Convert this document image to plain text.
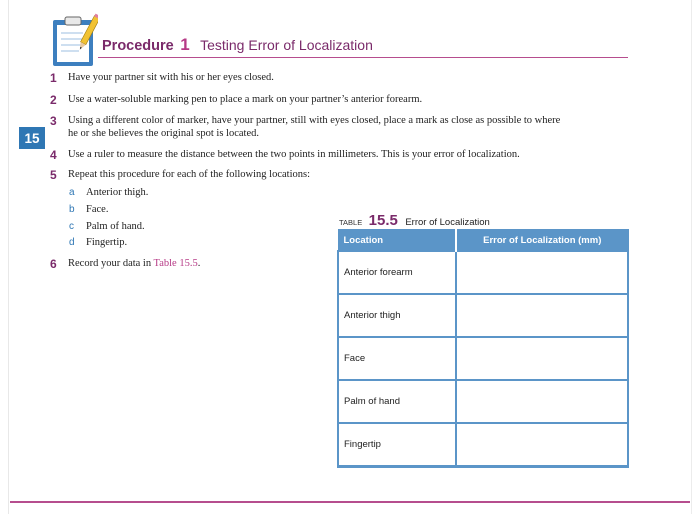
Procedure 1 Testing Error of Localization
15
1 Have your partner sit with his or her eyes closed.
2 Use a water-soluble marking pen to place a mark on your partner’s anterior forearm.
3 Using a different color of marker, have your partner, still with eyes closed, place a mark as close as possible to where
he or she believes the original spot is located.
4 Use a ruler to measure the distance between the two points in millimeters. This is your error of localization.
5 Repeat this procedure for each of the following locations:
a Anterior thigh.
b Face.
c Palm of hand.
d Fingertip.
6 Record your data in Table 15.5.
TABLE 15.5 Error of Localization
Location	Error of Localization (mm)
Anterior forearm	
Anterior thigh	
Face	
Palm of hand	
Fingertip	
